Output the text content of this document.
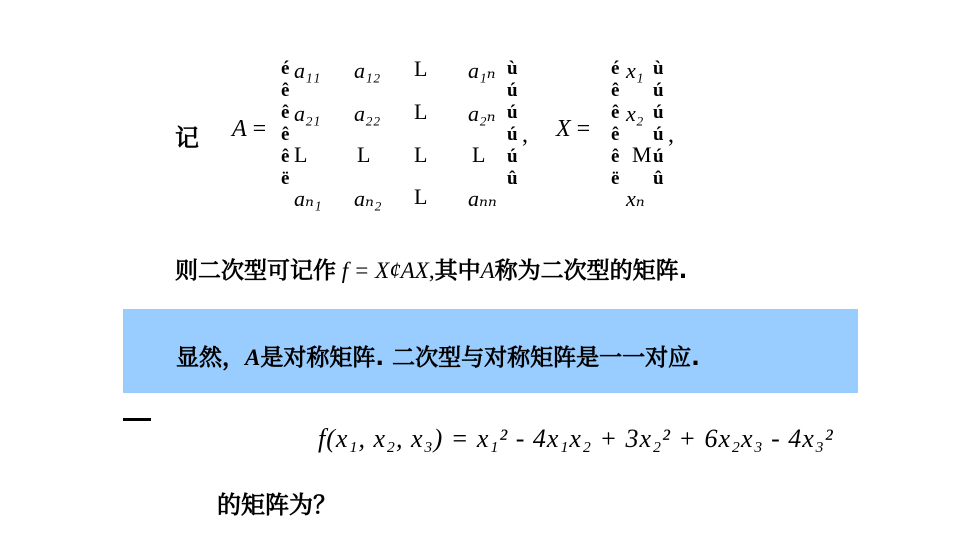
记 A =
é
ê
ê
ê
ê
ë
a₁₁ a₁₂ L a₁ₙ
a₂₁ a₂₂ L a₂ₙ
L L L L
aₙ₁ aₙ₂ L aₙₙ
ù
ú
ú
ú
ú
û
, X =
é
ê
ê
ê
ê
ë
x₁
x₂
M
xₙ
ù
ú
ú
ú
ú
û
,
则二次型可记作 f = X¢AX,其中A称为二次型的矩阵.
显然，A是对称矩阵. 二次型与对称矩阵是一一对应.
f(x₁, x₂, x₃) = x₁² - 4x₁x₂ + 3x₂² + 6x₂x₃ - 4x₃²
的矩阵为？
